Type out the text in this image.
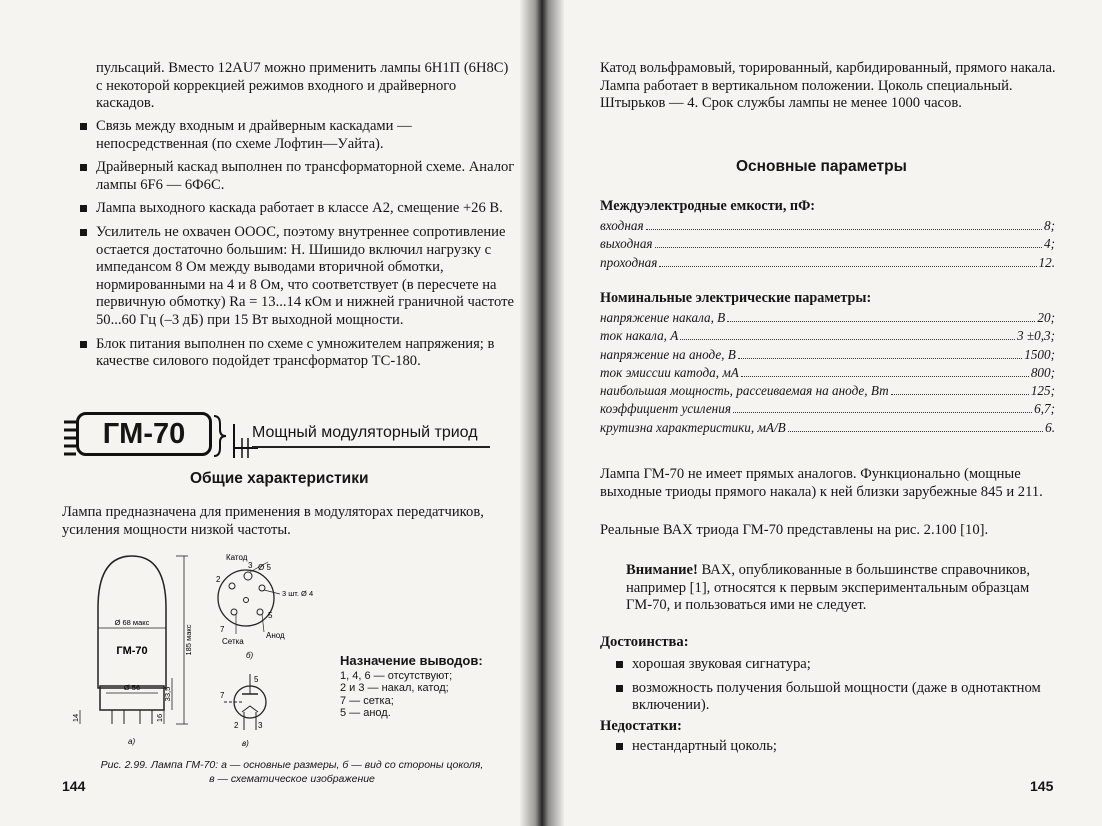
пульсаций. Вместо 12AU7 можно применить лампы 6Н1П (6Н8С) с некоторой коррекцией режимов входного и драйверного каскадов.

Связь между входным и драйверным каскадами — непосредственная (по схеме Лофтин—Уайта).
Драйверный каскад выполнен по трансформаторной схеме. Аналог лампы 6F6 — 6Ф6С.
Лампа выходного каскада работает в классе A2, смещение +26 В.
Усилитель не охвачен ОООС, поэтому внутреннее сопротивление остается достаточно большим: Н. Шишидо включил нагрузку с импедансом 8 Ом между выводами вторичной обмотки, нормированными на 4 и 8 Ом, что соответствует (в пересчете на первичную обмотку) Ra = 13...14 кОм и нижней граничной частоте 50...60 Гц (–3 дБ) при 15 Вт выходной мощности.
Блок питания выполнен по схеме с умножителем напряжения; в качестве силового подойдет трансформатор ТС-180.
ГМ-70	Мощный модуляторный триод
Общие характеристики

Лампа предназначена для применения в модуляторах передатчиков, усиления мощности низкой частоты.

Ø 68 макс
ГМ-70
Ø 56
185 макс
33,5
14	16
а)
Катод
Ø 5
3 шт. Ø 4
Сетка
Анод
2
3
7
5
б)
5
7
2 3
в)
Назначение выводов:
1, 4, 6 — отсутствуют;
2 и 3 — накал, катод;
7 — сетка;
5 — анод.
Рис. 2.99. Лампа ГМ-70: а — основные размеры, б — вид со стороны цоколя,
в — схематическое изображение
144

Катод вольфрамовый, торированный, карбидированный, прямого накала. Лампа работает в вертикальном положении. Цоколь специальный. Штырьков — 4. Срок службы лампы не менее 1000 часов.

Основные параметры
Междуэлектродные емкости, пФ:
входная	8;
выходная	4;
проходная	12.
Номинальные электрические параметры:
напряжение накала, В	20;
ток накала, А	3 ±0,3;
напряжение на аноде, В	1500;
ток эмиссии катода, мА	800;
наибольшая мощность, рассеиваемая на аноде, Вт	125;
коэффициент усиления	6,7;
крутизна характеристики, мА/В	6.

Лампа ГМ-70 не имеет прямых аналогов. Функционально (мощные выходные триоды прямого накала) к ней близки зарубежные 845 и 211.

Реальные ВАХ триода ГМ-70 представлены на рис. 2.100 [10].

Внимание! ВАХ, опубликованные в большинстве справочников, например [1], относятся к первым экспериментальным образцам ГМ-70, и пользоваться ими не следует.
Достоинства:
хорошая звуковая сигнатура;
возможность получения большой мощности (даже в однотактном включении).
Недостатки:
нестандартный цоколь;
145
